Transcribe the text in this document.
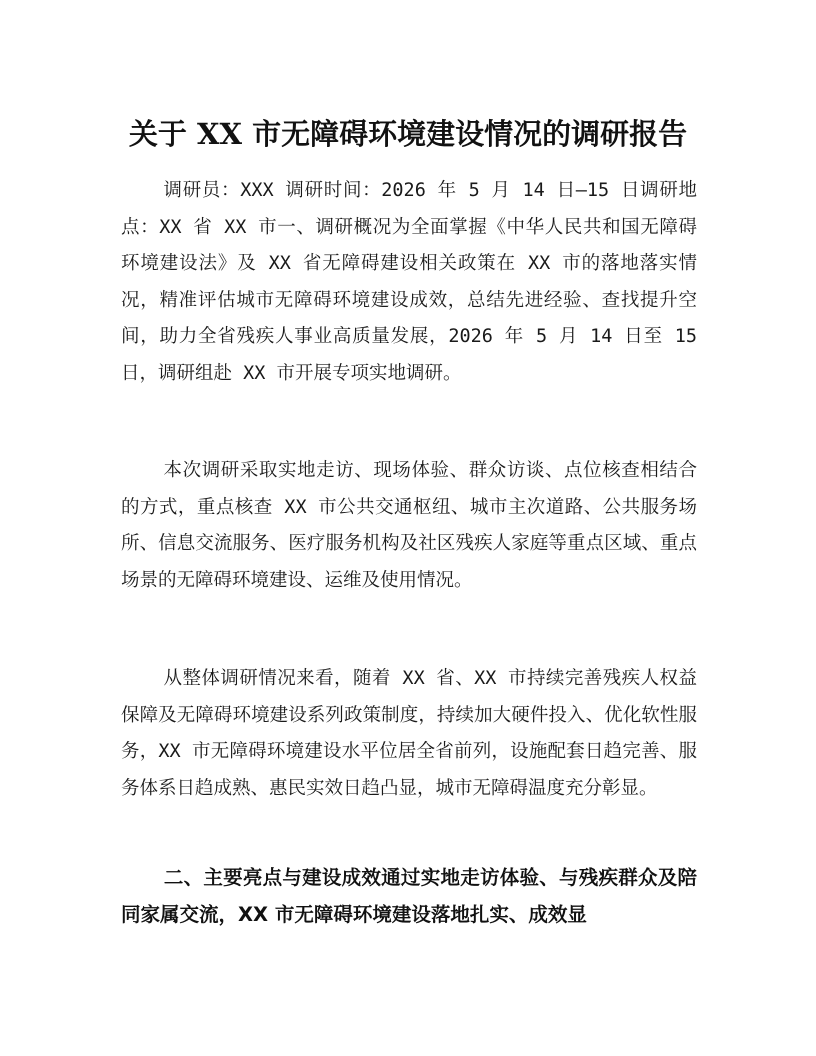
关于 XX 市无障碍环境建设情况的调研报告

调研员：XXX 调研时间：2026 年 5 月 14 日—15 日调研地点：XX 省 XX 市一、调研概况为全面掌握《中华人民共和国无障碍环境建设法》及 XX 省无障碍建设相关政策在 XX 市的落地落实情况，精准评估城市无障碍环境建设成效，总结先进经验、查找提升空间，助力全省残疾人事业高质量发展，2026 年 5 月 14 日至 15 日，调研组赴 XX 市开展专项实地调研。

本次调研采取实地走访、现场体验、群众访谈、点位核查相结合的方式，重点核查 XX 市公共交通枢纽、城市主次道路、公共服务场所、信息交流服务、医疗服务机构及社区残疾人家庭等重点区域、重点场景的无障碍环境建设、运维及使用情况。

从整体调研情况来看，随着 XX 省、XX 市持续完善残疾人权益保障及无障碍环境建设系列政策制度，持续加大硬件投入、优化软性服务，XX 市无障碍环境建设水平位居全省前列，设施配套日趋完善、服务体系日趋成熟、惠民实效日趋凸显，城市无障碍温度充分彰显。

二、主要亮点与建设成效通过实地走访体验、与残疾群众及陪同家属交流，XX 市无障碍环境建设落地扎实、成效显
